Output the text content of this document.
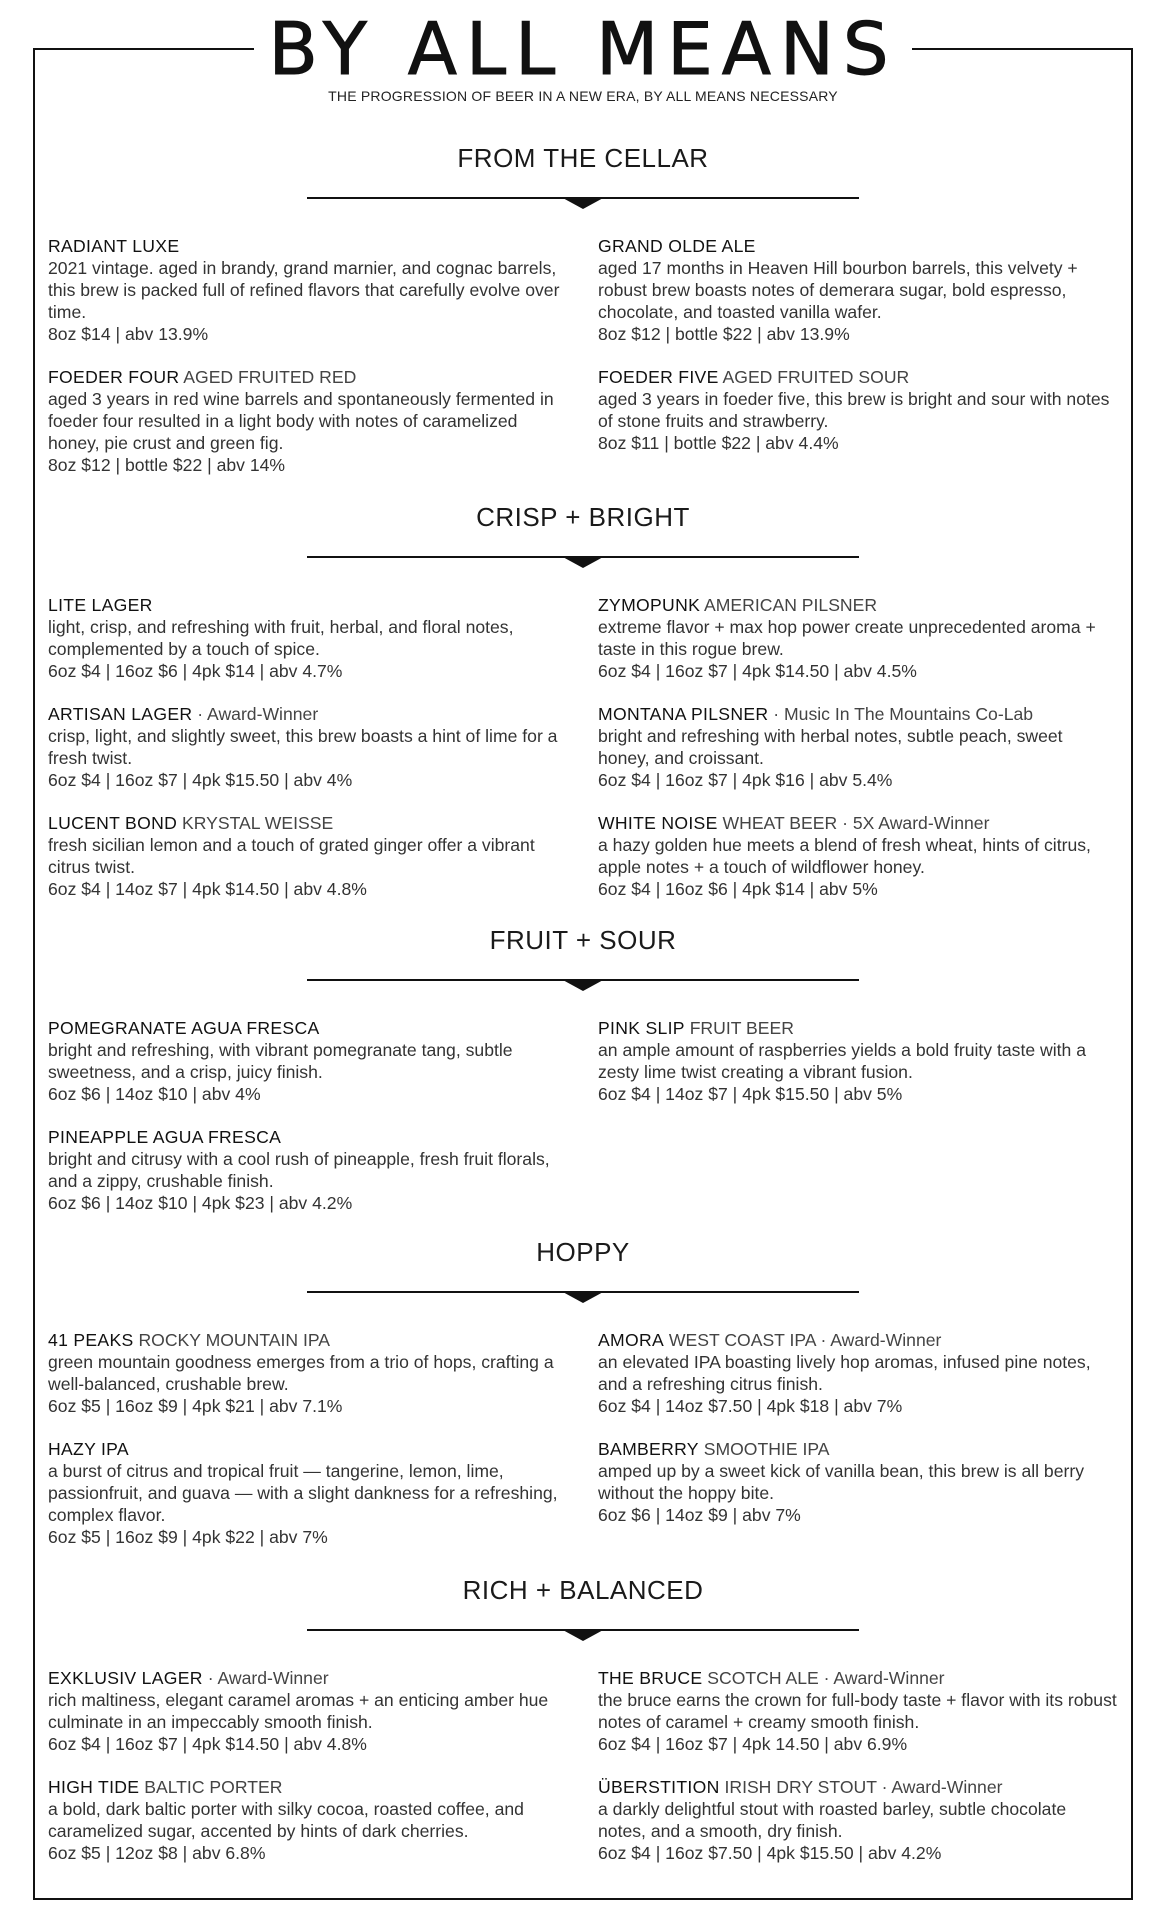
BY ALL MEANS
THE PROGRESSION OF BEER IN A NEW ERA, BY ALL MEANS NECESSARY
FROM THE CELLAR
RADIANT LUXE
2021 vintage. aged in brandy, grand marnier, and cognac barrels, this brew is packed full of refined flavors that carefully evolve over time.
8oz $14 | abv 13.9%
FOEDER FOUR AGED FRUITED RED
aged 3 years in red wine barrels and spontaneously fermented in foeder four resulted in a light body with notes of caramelized honey, pie crust and green fig.
8oz $12 | bottle $22 | abv 14%
GRAND OLDE ALE
aged 17 months in Heaven Hill bourbon barrels, this velvety + robust brew boasts notes of demerara sugar, bold espresso, chocolate, and toasted vanilla wafer.
8oz $12 | bottle $22 | abv 13.9%
FOEDER FIVE AGED FRUITED SOUR
aged 3 years in foeder five, this brew is bright and sour with notes of stone fruits and strawberry.
8oz $11 | bottle $22 | abv 4.4%
CRISP + BRIGHT
LITE LAGER
light, crisp, and refreshing with fruit, herbal, and floral notes, complemented by a touch of spice.
6oz $4 | 16oz $6 | 4pk $14 | abv 4.7%
ARTISAN LAGER · Award-Winner
crisp, light, and slightly sweet, this brew boasts a hint of lime for a fresh twist.
6oz $4 | 16oz $7 | 4pk $15.50 | abv 4%
LUCENT BOND KRYSTAL WEISSE
fresh sicilian lemon and a touch of grated ginger offer a vibrant citrus twist.
6oz $4 | 14oz $7 | 4pk $14.50 | abv 4.8%
ZYMOPUNK AMERICAN PILSNER
extreme flavor + max hop power create unprecedented aroma + taste in this rogue brew.
6oz $4 | 16oz $7 | 4pk $14.50 | abv 4.5%
MONTANA PILSNER · Music In The Mountains Co-Lab
bright and refreshing with herbal notes, subtle peach, sweet honey, and croissant.
6oz $4 | 16oz $7 | 4pk $16 | abv 5.4%
WHITE NOISE WHEAT BEER · 5X Award-Winner
a hazy golden hue meets a blend of fresh wheat, hints of citrus, apple notes + a touch of wildflower honey.
6oz $4 | 16oz $6 | 4pk $14 | abv 5%
FRUIT + SOUR
POMEGRANATE AGUA FRESCA
bright and refreshing, with vibrant pomegranate tang, subtle sweetness, and a crisp, juicy finish.
6oz $6 | 14oz $10 | abv 4%
PINEAPPLE AGUA FRESCA
bright and citrusy with a cool rush of pineapple, fresh fruit florals, and a zippy, crushable finish.
6oz $6 | 14oz $10 | 4pk $23 | abv 4.2%
PINK SLIP FRUIT BEER
an ample amount of raspberries yields a bold fruity taste with a zesty lime twist creating a vibrant fusion.
6oz $4 | 14oz $7 | 4pk $15.50 | abv 5%
HOPPY
41 PEAKS ROCKY MOUNTAIN IPA
green mountain goodness emerges from a trio of hops, crafting a well-balanced, crushable brew.
6oz $5 | 16oz $9 | 4pk $21 | abv 7.1%
HAZY IPA
a burst of citrus and tropical fruit — tangerine, lemon, lime, passionfruit, and guava — with a slight dankness for a refreshing, complex flavor.
6oz $5 | 16oz $9 | 4pk $22 | abv 7%
AMORA WEST COAST IPA · Award-Winner
an elevated IPA boasting lively hop aromas, infused pine notes, and a refreshing citrus finish.
6oz $4 | 14oz $7.50 | 4pk $18 | abv 7%
BAMBERRY SMOOTHIE IPA
amped up by a sweet kick of vanilla bean, this brew is all berry without the hoppy bite.
6oz $6 | 14oz $9 | abv 7%
RICH + BALANCED
EXKLUSIV LAGER · Award-Winner
rich maltiness, elegant caramel aromas + an enticing amber hue culminate in an impeccably smooth finish.
6oz $4 | 16oz $7 | 4pk $14.50 | abv 4.8%
HIGH TIDE BALTIC PORTER
a bold, dark baltic porter with silky cocoa, roasted coffee, and caramelized sugar, accented by hints of dark cherries.
6oz $5 | 12oz $8 | abv 6.8%
THE BRUCE SCOTCH ALE · Award-Winner
the bruce earns the crown for full-body taste + flavor with its robust notes of caramel + creamy smooth finish.
6oz $4 | 16oz $7 | 4pk 14.50 | abv 6.9%
ÜBERSTITION IRISH DRY STOUT · Award-Winner
a darkly delightful stout with roasted barley, subtle chocolate notes, and a smooth, dry finish.
6oz $4 | 16oz $7.50 | 4pk $15.50 | abv 4.2%
